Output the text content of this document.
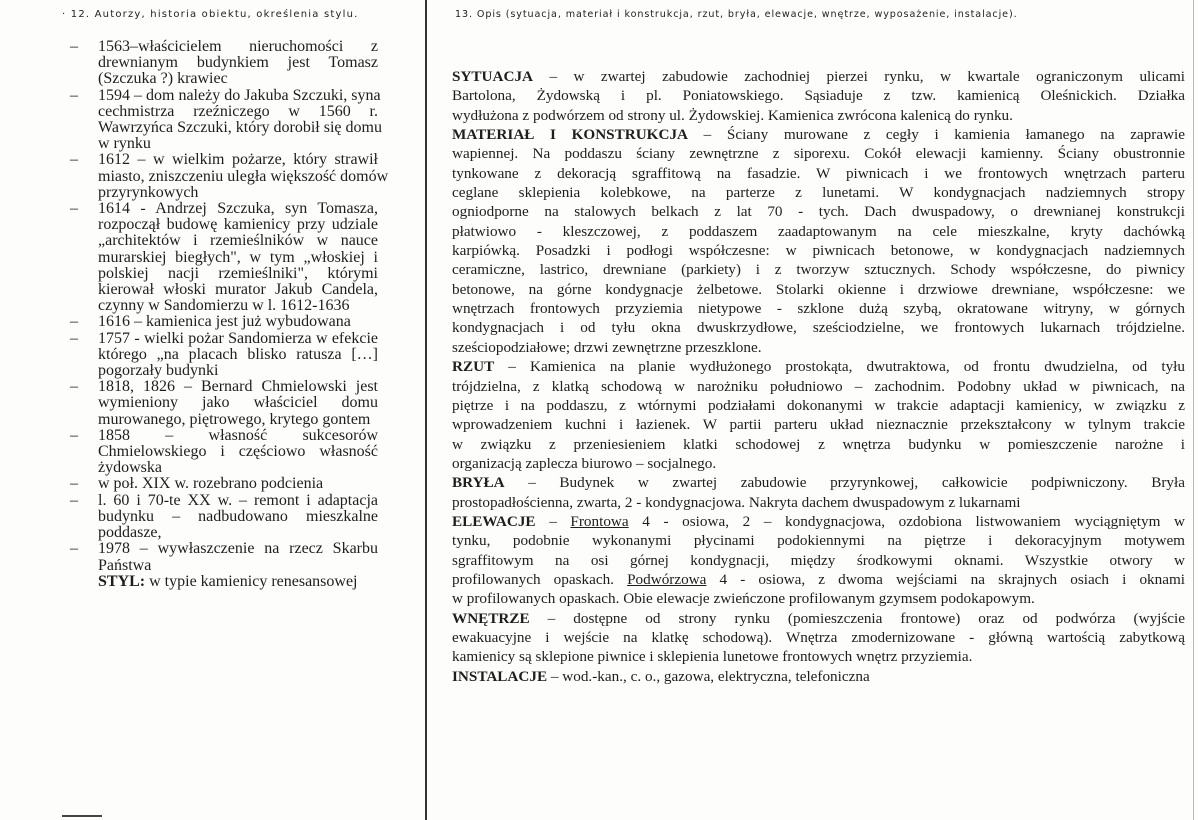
· 12. Autorzy, historia obiektu, określenia stylu.	13. Opis (sytuacja, materiał i konstrukcja, rzut, bryła, elewacje, wnętrze, wyposażenie, instalacje).
– 1563–właścicielem nieruchomości z
drewnianym budynkiem jest Tomasz
(Szczuka ?) krawiec
– 1594 – dom należy do Jakuba Szczuki, syna
cechmistrza rzeźniczego w 1560 r.
Wawrzyńca Szczuki, który dorobił się domu
w rynku
– 1612 – w wielkim pożarze, który strawił
miasto, zniszczeniu uległa większość domów
przyrynkowych
– 1614 - Andrzej Szczuka, syn Tomasza,
rozpoczął budowę kamienicy przy udziale
„architektów i rzemieślników w nauce
murarskiej biegłych", w tym „włoskiej i
polskiej nacji rzemieślniki", którymi
kierował włoski murator Jakub Candela,
czynny w Sandomierzu w l. 1612-1636
– 1616 – kamienica jest już wybudowana
– 1757 - wielki pożar Sandomierza w efekcie
którego „na placach blisko ratusza […]
pogorzały budynki
– 1818, 1826 – Bernard Chmielowski jest
wymieniony jako właściciel domu
murowanego, piętrowego, krytego gontem
– 1858 – własność sukcesorów
Chmielowskiego i częściowo własność
żydowska
– w poł. XIX w. rozebrano podcienia
– l. 60 i 70-te XX w. – remont i adaptacja
budynku – nadbudowano mieszkalne
poddasze,
– 1978 – wywłaszczenie na rzecz Skarbu
Państwa
STYL: w typie kamienicy renesansowej
SYTUACJA – w zwartej zabudowie zachodniej pierzei rynku, w kwartale ograniczonym ulicami
Bartolona, Żydowską i pl. Poniatowskiego. Sąsiaduje z tzw. kamienicą Oleśnickich. Działka
wydłużona z podwórzem od strony ul. Żydowskiej. Kamienica zwrócona kalenicą do rynku.
MATERIAŁ I KONSTRUKCJA – Ściany murowane z cegły i kamienia łamanego na zaprawie
wapiennej. Na poddaszu ściany zewnętrzne z siporexu. Cokół elewacji kamienny. Ściany obustronnie
tynkowane z dekoracją sgraffitową na fasadzie. W piwnicach i we frontowych wnętrzach parteru
ceglane sklepienia kolebkowe, na parterze z lunetami. W kondygnacjach nadziemnych stropy
ogniodporne na stalowych belkach z lat 70 - tych. Dach dwuspadowy, o drewnianej konstrukcji
płatwiowo - kleszczowej, z poddaszem zaadaptowanym na cele mieszkalne, kryty dachówką
karpiówką. Posadzki i podłogi współczesne: w piwnicach betonowe, w kondygnacjach nadziemnych
ceramiczne, lastrico, drewniane (parkiety) i z tworzyw sztucznych. Schody współczesne, do piwnicy
betonowe, na górne kondygnacje żelbetowe. Stolarki okienne i drzwiowe drewniane, współczesne: we
wnętrzach frontowych przyziemia nietypowe - szklone dużą szybą, okratowane witryny, w górnych
kondygnacjach i od tyłu okna dwuskrzydłowe, sześciodzielne, we frontowych lukarnach trójdzielne.
sześciopodziałowe; drzwi zewnętrzne przeszklone.
RZUT – Kamienica na planie wydłużonego prostokąta, dwutraktowa, od frontu dwudzielna, od tyłu
trójdzielna, z klatką schodową w narożniku południowo – zachodnim. Podobny układ w piwnicach, na
piętrze i na poddaszu, z wtórnymi podziałami dokonanymi w trakcie adaptacji kamienicy, w związku z
wprowadzeniem kuchni i łazienek. W partii parteru układ nieznacznie przekształcony w tylnym trakcie
w związku z przeniesieniem klatki schodowej z wnętrza budynku w pomieszczenie narożne i
organizacją zaplecza biurowo – socjalnego.
BRYŁA – Budynek w zwartej zabudowie przyrynkowej, całkowicie podpiwniczony. Bryła
prostopadłościenna, zwarta, 2 - kondygnacjowa. Nakryta dachem dwuspadowym z lukarnami
ELEWACJE – Frontowa 4 - osiowa, 2 – kondygnacjowa, ozdobiona listwowaniem wyciągniętym w
tynku, podobnie wykonanymi płycinami podokiennymi na piętrze i dekoracyjnym motywem
sgraffitowym na osi górnej kondygnacji, między środkowymi oknami. Wszystkie otwory w
profilowanych opaskach. Podwórzowa 4 - osiowa, z dwoma wejściami na skrajnych osiach i oknami
w profilowanych opaskach. Obie elewacje zwieńczone profilowanym gzymsem podokapowym.
WNĘTRZE – dostępne od strony rynku (pomieszczenia frontowe) oraz od podwórza (wyjście
ewakuacyjne i wejście na klatkę schodową). Wnętrza zmodernizowane - główną wartością zabytkową
kamienicy są sklepione piwnice i sklepienia lunetowe frontowych wnętrz przyziemia.
INSTALACJE – wod.-kan., c. o., gazowa, elektryczna, telefoniczna
